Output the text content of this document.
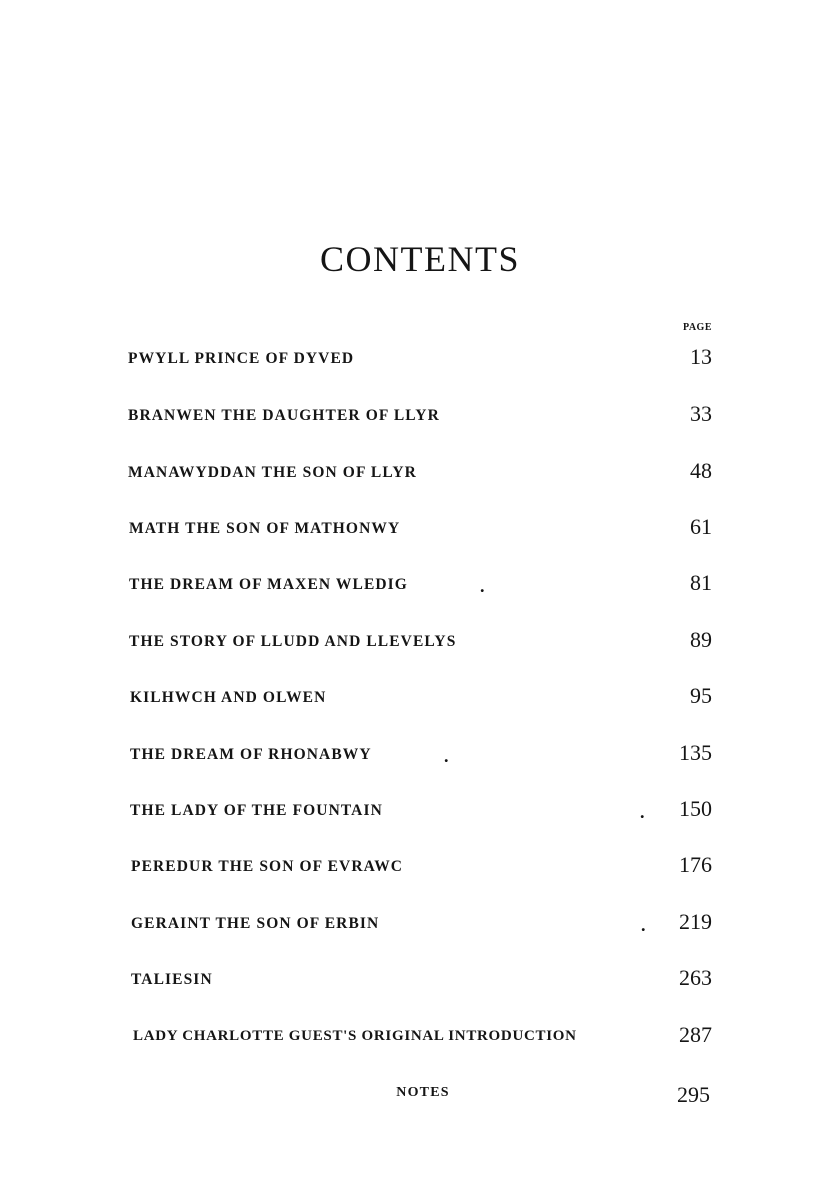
CONTENTS
PAGE
PWYLL PRINCE OF DYVED	13
BRANWEN THE DAUGHTER OF LLYR	33
MANAWYDDAN THE SON OF LLYR	48
MATH THE SON OF MATHONWY	61
THE DREAM OF MAXEN WLEDIG	.	81
THE STORY OF LLUDD AND LLEVELYS	89
KILHWCH AND OLWEN	95
THE DREAM OF RHONABWY	.	135
THE LADY OF THE FOUNTAIN	.	150
PEREDUR THE SON OF EVRAWC	176
GERAINT THE SON OF ERBIN	.	219
TALIESIN	263
LADY CHARLOTTE GUEST'S ORIGINAL INTRODUCTION	287
NOTES	295
